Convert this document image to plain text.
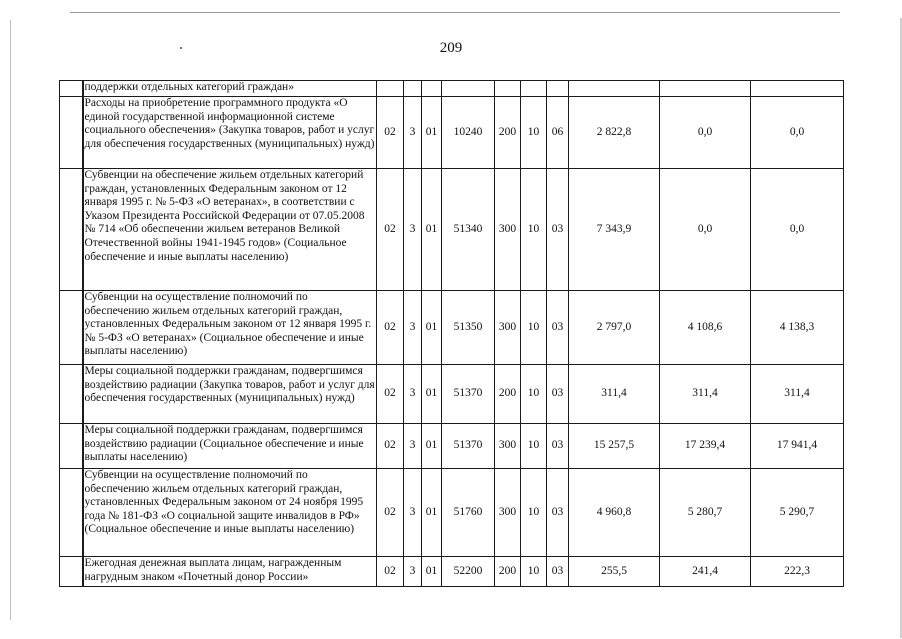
209
	поддержки отдельных категорий граждан»										
	Расходы на приобретение программного продукта «О единой государственной информационной системе социального обеспечения» (Закупка товаров, работ и услуг для обеспечения государственных (муниципальных) нужд)	02	3	01	10240	200	10	06	2 822,8	0,0	0,0
	Субвенции на обеспечение жильем отдельных категорий граждан, установленных Федеральным законом от 12 января 1995 г. № 5-ФЗ «О ветеранах», в соответствии с Указом Президента Российской Федерации от 07.05.2008 № 714 «Об обеспечении жильем ветеранов Великой Отечественной войны 1941-1945 годов» (Социальное обеспечение и иные выплаты населению)	02	3	01	51340	300	10	03	7 343,9	0,0	0,0
	Субвенции на осуществление полномочий по обеспечению жильем отдельных категорий граждан, установленных Федеральным законом от 12 января 1995 г. № 5-ФЗ «О ветеранах» (Социальное обеспечение и иные выплаты населению)	02	3	01	51350	300	10	03	2 797,0	4 108,6	4 138,3
	Меры социальной поддержки гражданам, подвергшимся воздействию радиации (Закупка товаров, работ и услуг для обеспечения государственных (муниципальных) нужд)	02	3	01	51370	200	10	03	311,4	311,4	311,4
	Меры социальной поддержки гражданам, подвергшимся воздействию радиации (Социальное обеспечение и иные выплаты населению)	02	3	01	51370	300	10	03	15 257,5	17 239,4	17 941,4
	Субвенции на осуществление полномочий по обеспечению жильем отдельных категорий граждан, установленных Федеральным законом от 24 ноября 1995 года № 181-ФЗ «О социальной защите инвалидов в РФ» (Социальное обеспечение и иные выплаты населению)	02	3	01	51760	300	10	03	4 960,8	5 280,7	5 290,7
	Ежегодная денежная выплата лицам, награжденным нагрудным знаком «Почетный донор России»	02	3	01	52200	200	10	03	255,5	241,4	222,3
